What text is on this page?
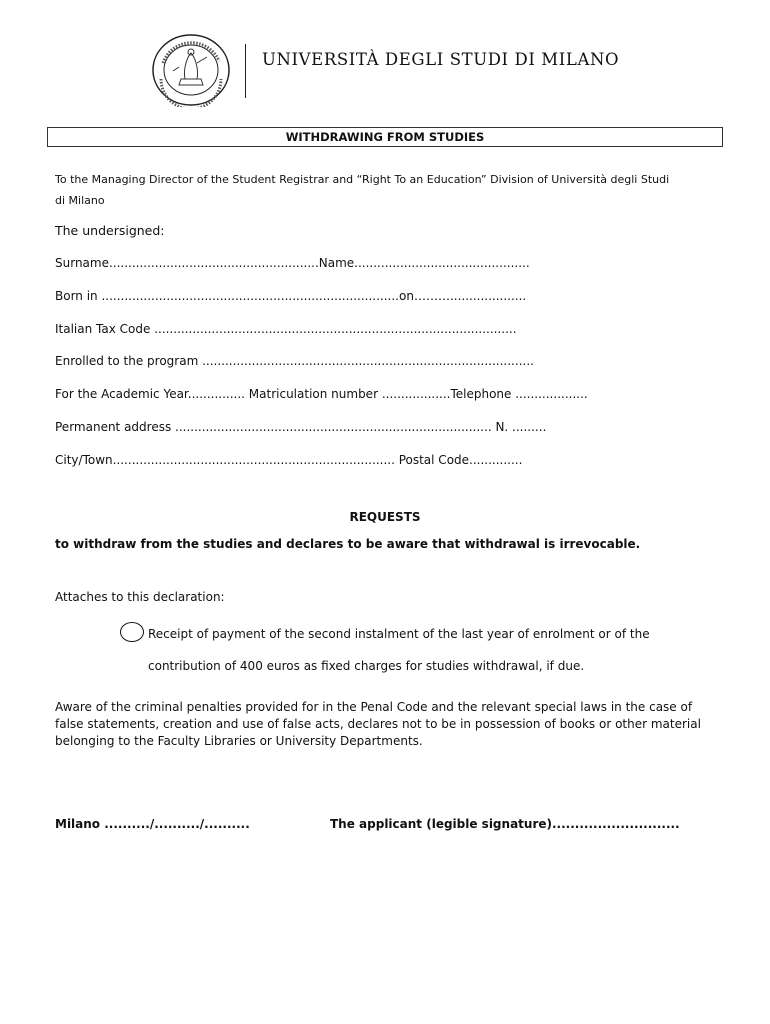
UNIVERSITÀ DEGLI STUDI DI MILANO
WITHDRAWING FROM STUDIES
To the Managing Director of the Student Registrar and “Right To an Education” Division of Università degli Studi
di Milano
The undersigned:
Surname.......................................................Name..............................................
Born in ..............................................................................on………....................
Italian Tax Code ...............................................................................................
Enrolled to the program .......................................................................................
For the Academic Year............... Matriculation number ..................Telephone ...................
Permanent address ................................................................................... N. .........
City/Town.......................................................................... Postal Code..............
REQUESTS
to withdraw from the studies and declares to be aware that withdrawal is irrevocable.
Attaches to this declaration:
Receipt of payment of the second instalment of the last year of enrolment or of the
contribution of 400 euros as fixed charges for studies withdrawal, if due.
Aware of the criminal penalties provided for in the Penal Code and the relevant special laws in the case of false statements, creation and use of false acts, declares not to be in possession of books or other material belonging to the Faculty Libraries or University Departments.
Milano ........../........../..........	The applicant (legible signature)............................
